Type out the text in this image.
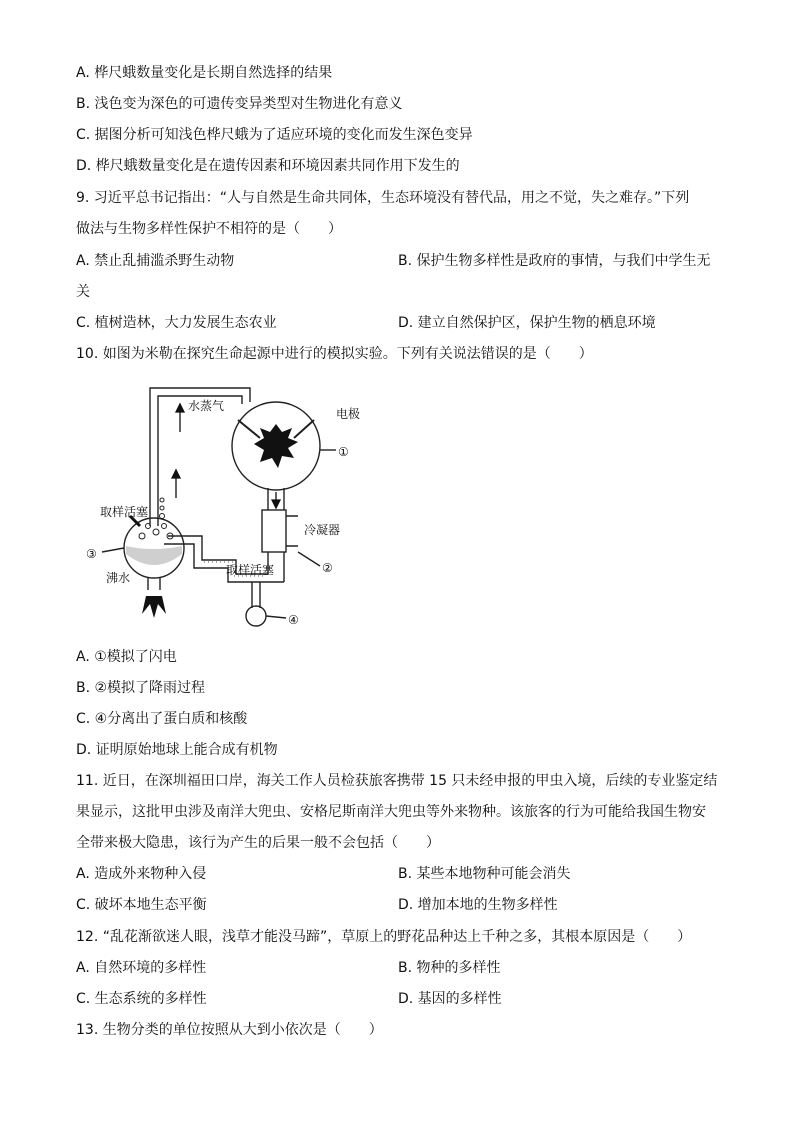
A. 桦尺蛾数量变化是长期自然选择的结果
B. 浅色变为深色的可遗传变异类型对生物进化有意义
C. 据图分析可知浅色桦尺蛾为了适应环境的变化而发生深色变异
D. 桦尺蛾数量变化是在遗传因素和环境因素共同作用下发生的
9. 习近平总书记指出：“人与自然是生命共同体，生态环境没有替代品，用之不觉，失之难存。”下列
做法与生物多样性保护不相符的是（　　）
A. 禁止乱捕滥杀野生动物	B. 保护生物多样性是政府的事情，与我们中学生无
关
C. 植树造林，大力发展生态农业	D. 建立自然保护区，保护生物的栖息环境
10. 如图为米勒在探究生命起源中进行的模拟实验。下列有关说法错误的是（　　）
水蒸气
电极
①
取样活塞
冷凝器
③
②
沸水
取样活塞
④
A. ①模拟了闪电
B. ②模拟了降雨过程
C. ④分离出了蛋白质和核酸
D. 证明原始地球上能合成有机物
11. 近日，在深圳福田口岸，海关工作人员检获旅客携带 15 只未经申报的甲虫入境，后续的专业鉴定结
果显示，这批甲虫涉及南洋大兜虫、安格尼斯南洋大兜虫等外来物种。该旅客的行为可能给我国生物安
全带来极大隐患，该行为产生的后果一般不会包括（　　）
A. 造成外来物种入侵	B. 某些本地物种可能会消失
C. 破坏本地生态平衡	D. 增加本地的生物多样性
12. “乱花渐欲迷人眼，浅草才能没马蹄”，草原上的野花品种达上千种之多，其根本原因是（　　）
A. 自然环境的多样性	B. 物种的多样性
C. 生态系统的多样性	D. 基因的多样性
13. 生物分类的单位按照从大到小依次是（　　）
